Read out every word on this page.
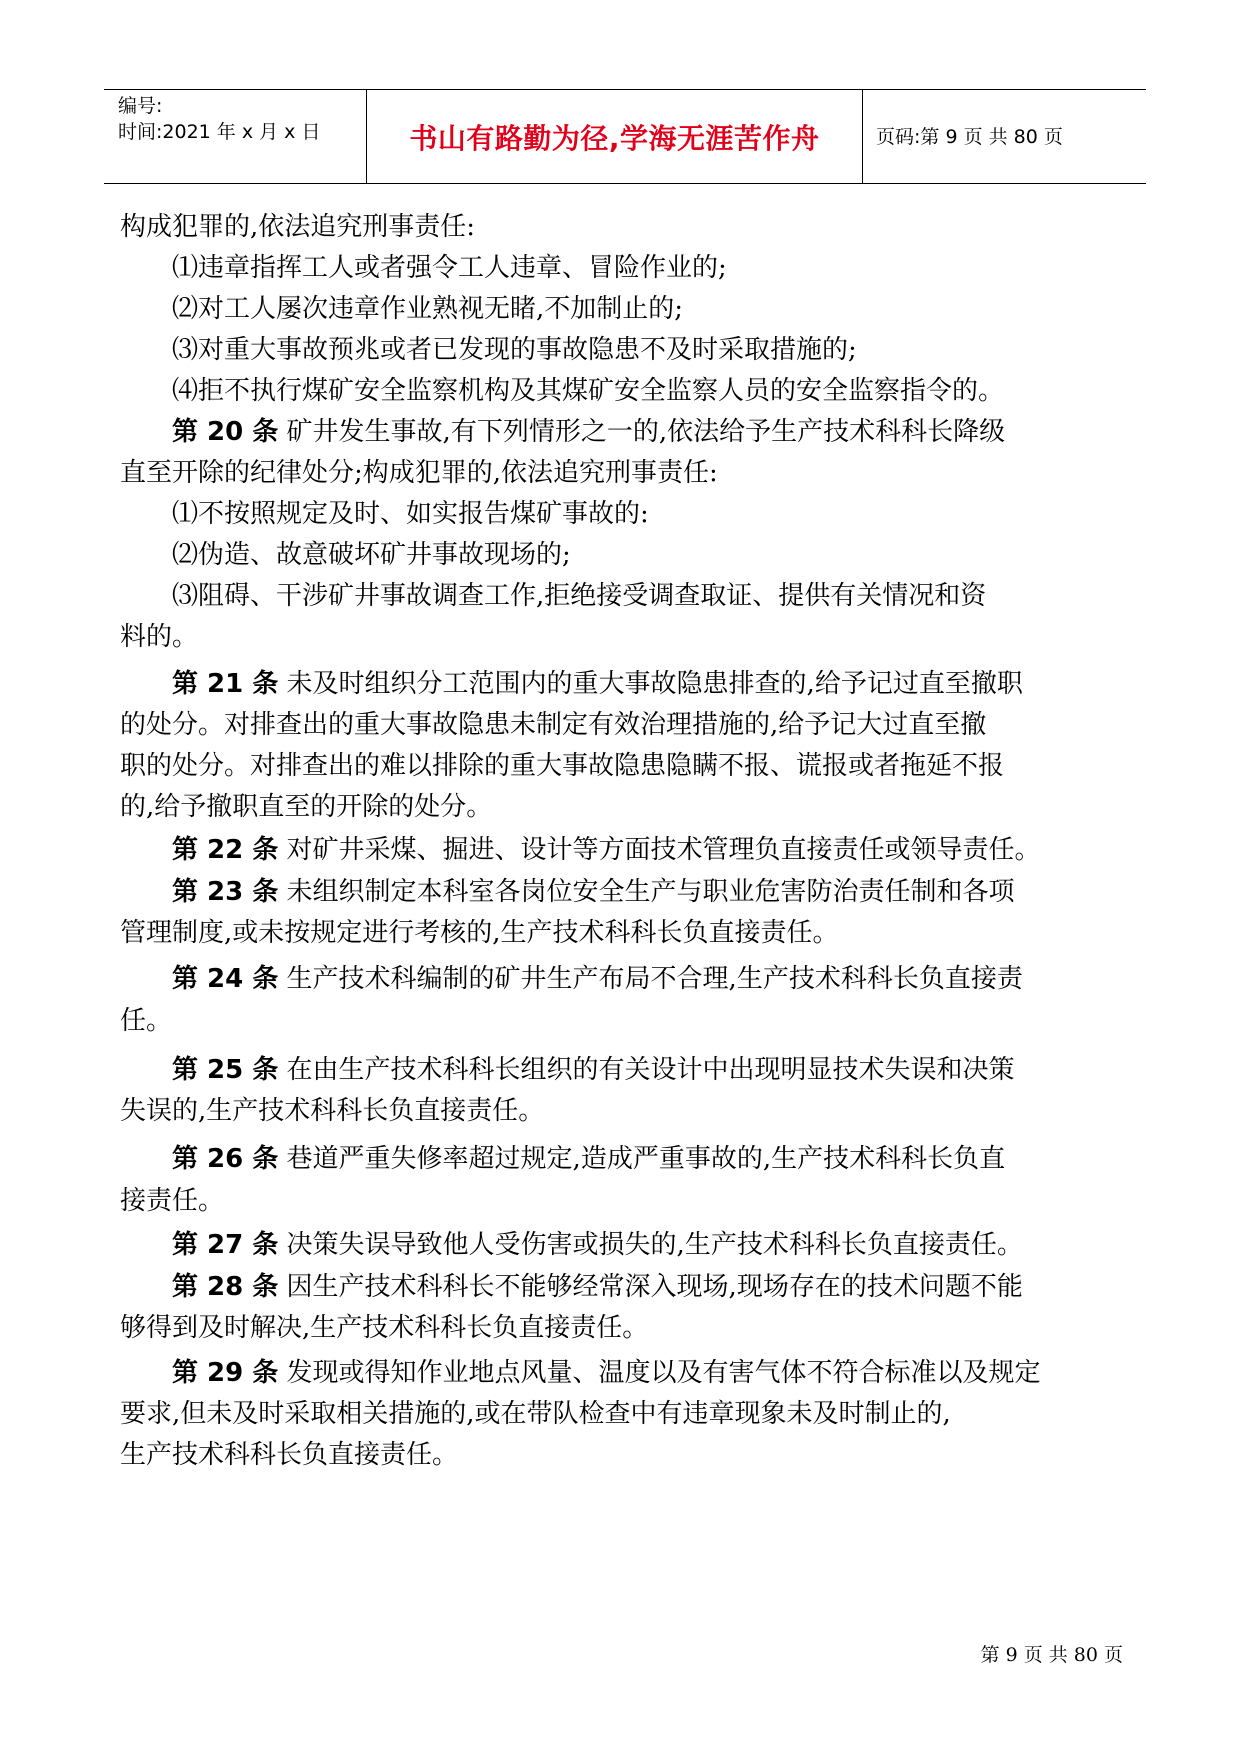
编号:
时间:2021 年 x 月 x 日	书山有路勤为径,学海无涯苦作舟	页码:第 9 页 共 80 页
构成犯罪的,依法追究刑事责任:
⑴违章指挥工人或者强令工人违章、冒险作业的;
⑵对工人屡次违章作业熟视无睹,不加制止的;
⑶对重大事故预兆或者已发现的事故隐患不及时采取措施的;
⑷拒不执行煤矿安全监察机构及其煤矿安全监察人员的安全监察指令的。
第 20 条 矿井发生事故,有下列情形之一的,依法给予生产技术科科长降级
直至开除的纪律处分;构成犯罪的,依法追究刑事责任:
⑴不按照规定及时、如实报告煤矿事故的:
⑵伪造、故意破坏矿井事故现场的;
⑶阻碍、干涉矿井事故调查工作,拒绝接受调查取证、提供有关情况和资
料的。
第 21 条 未及时组织分工范围内的重大事故隐患排查的,给予记过直至撤职
的处分。对排查出的重大事故隐患未制定有效治理措施的,给予记大过直至撤
职的处分。对排查出的难以排除的重大事故隐患隐瞒不报、谎报或者拖延不报
的,给予撤职直至的开除的处分。
第 22 条 对矿井采煤、掘进、设计等方面技术管理负直接责任或领导责任。
第 23 条 未组织制定本科室各岗位安全生产与职业危害防治责任制和各项
管理制度,或未按规定进行考核的,生产技术科科长负直接责任。
第 24 条 生产技术科编制的矿井生产布局不合理,生产技术科科长负直接责
任。
第 25 条 在由生产技术科科长组织的有关设计中出现明显技术失误和决策
失误的,生产技术科科长负直接责任。
第 26 条 巷道严重失修率超过规定,造成严重事故的,生产技术科科长负直
接责任。
第 27 条 决策失误导致他人受伤害或损失的,生产技术科科长负直接责任。
第 28 条 因生产技术科科长不能够经常深入现场,现场存在的技术问题不能
够得到及时解决,生产技术科科长负直接责任。
第 29 条 发现或得知作业地点风量、温度以及有害气体不符合标准以及规定
要求,但未及时采取相关措施的,或在带队检查中有违章现象未及时制止的,
生产技术科科长负直接责任。
第 9 页 共 80 页
